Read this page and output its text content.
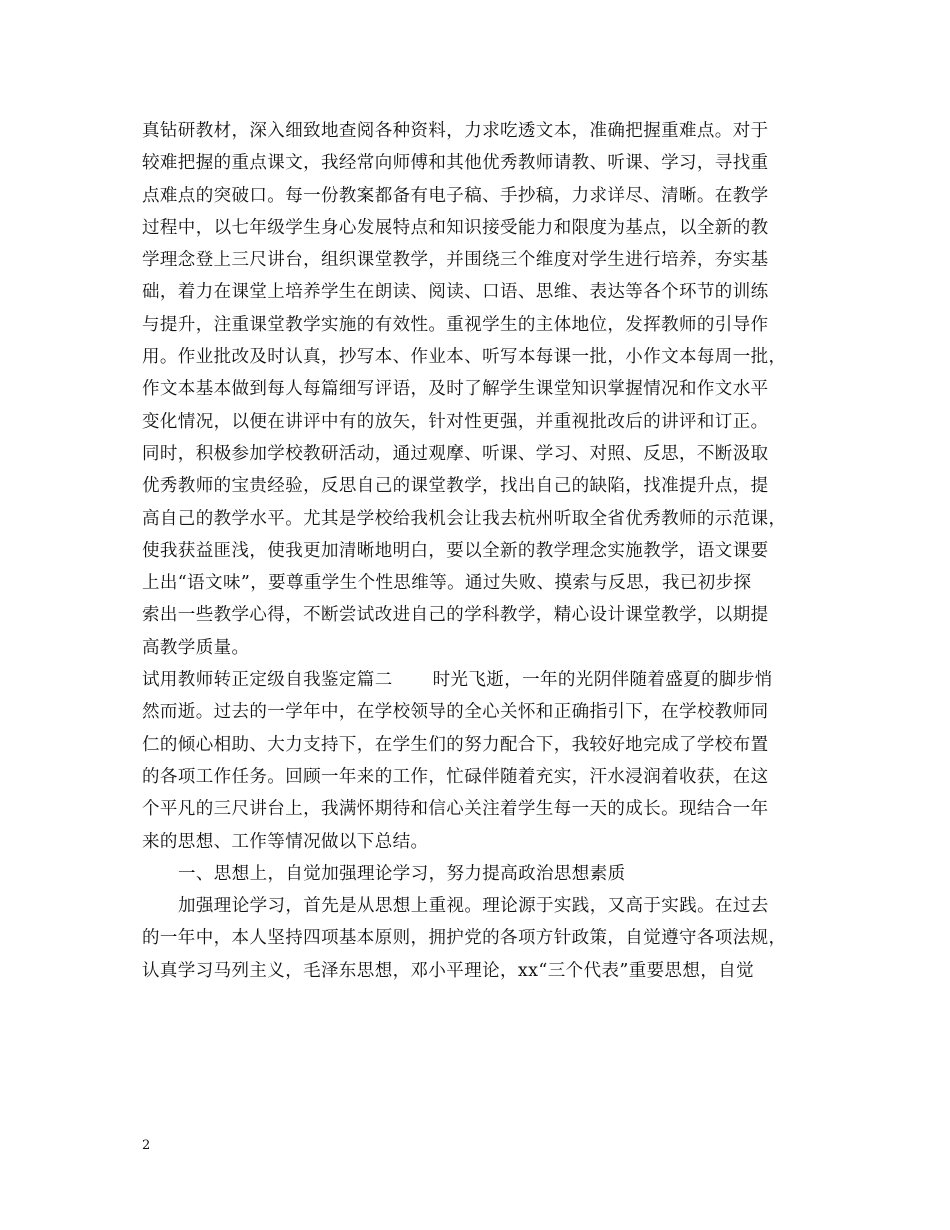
真钻研教材，深入细致地查阅各种资料，力求吃透文本，准确把握重难点。对于
较难把握的重点课文，我经常向师傅和其他优秀教师请教、听课、学习，寻找重
点难点的突破口。每一份教案都备有电子稿、手抄稿，力求详尽、清晰。在教学
过程中，以七年级学生身心发展特点和知识接受能力和限度为基点，以全新的教
学理念登上三尺讲台，组织课堂教学，并围绕三个维度对学生进行培养，夯实基
础，着力在课堂上培养学生在朗读、阅读、口语、思维、表达等各个环节的训练
与提升，注重课堂教学实施的有效性。重视学生的主体地位，发挥教师的引导作
用。作业批改及时认真，抄写本、作业本、听写本每课一批，小作文本每周一批，
作文本基本做到每人每篇细写评语，及时了解学生课堂知识掌握情况和作文水平
变化情况，以便在讲评中有的放矢，针对性更强，并重视批改后的讲评和订正。
同时，积极参加学校教研活动，通过观摩、听课、学习、对照、反思，不断汲取
优秀教师的宝贵经验，反思自己的课堂教学，找出自己的缺陷，找准提升点，提
高自己的教学水平。尤其是学校给我机会让我去杭州听取全省优秀教师的示范课，
使我获益匪浅，使我更加清晰地明白，要以全新的教学理念实施教学，语文课要
上出“语文味”，要尊重学生个性思维等。通过失败、摸索与反思，我已初步探
索出一些教学心得，不断尝试改进自己的学科教学，精心设计课堂教学，以期提
高教学质量。
试用教师转正定级自我鉴定篇二 时光飞逝，一年的光阴伴随着盛夏的脚步悄
然而逝。过去的一学年中，在学校领导的全心关怀和正确指引下，在学校教师同
仁的倾心相助、大力支持下，在学生们的努力配合下，我较好地完成了学校布置
的各项工作任务。回顾一年来的工作，忙碌伴随着充实，汗水浸润着收获，在这
个平凡的三尺讲台上，我满怀期待和信心关注着学生每一天的成长。现结合一年
来的思想、工作等情况做以下总结。
一、思想上，自觉加强理论学习，努力提高政治思想素质
加强理论学习，首先是从思想上重视。理论源于实践，又高于实践。在过去
的一年中，本人坚持四项基本原则，拥护党的各项方针政策，自觉遵守各项法规，
认真学习马列主义，毛泽东思想，邓小平理论，xx“三个代表”重要思想，自觉
2
